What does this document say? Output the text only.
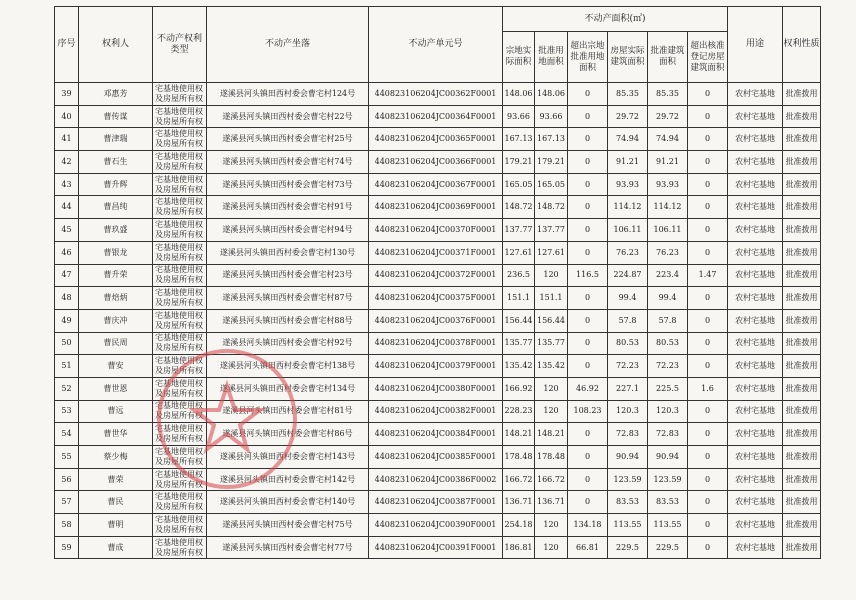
序号	权利人	不动产权利类型	不动产坐落	不动产单元号	不动产面积(㎡)						用途	权利性质
					宗地实际面积	批准用地面积	超出宗地批准用地面积	房屋实际建筑面积	批准建筑面积	超出核准登记房屋建筑面积		
39	邓惠芳	宅基地使用权及房屋所有权	遂溪县河头镇田西村委会曹宅村124号	440823106204JC00362F0001	148.06	148.06	0	85.35	85.35	0	农村宅基地	批准拨用
40	曹传谋	宅基地使用权及房屋所有权	遂溪县河头镇田西村委会曹宅村22号	440823106204JC00364F0001	93.66	93.66	0	29.72	29.72	0	农村宅基地	批准拨用
41	曹津瑞	宅基地使用权及房屋所有权	遂溪县河头镇田西村委会曹宅村25号	440823106204JC00365F0001	167.13	167.13	0	74.94	74.94	0	农村宅基地	批准拨用
42	曹石生	宅基地使用权及房屋所有权	遂溪县河头镇田西村委会曹宅村74号	440823106204JC00366F0001	179.21	179.21	0	91.21	91.21	0	农村宅基地	批准拨用
43	曹升辉	宅基地使用权及房屋所有权	遂溪县河头镇田西村委会曹宅村73号	440823106204JC00367F0001	165.05	165.05	0	93.93	93.93	0	农村宅基地	批准拨用
44	曹昌纯	宅基地使用权及房屋所有权	遂溪县河头镇田西村委会曹宅村91号	440823106204JC00369F0001	148.72	148.72	0	114.12	114.12	0	农村宅基地	批准拨用
45	曹玖盛	宅基地使用权及房屋所有权	遂溪县河头镇田西村委会曹宅村94号	440823106204JC00370F0001	137.77	137.77	0	106.11	106.11	0	农村宅基地	批准拨用
46	曹银龙	宅基地使用权及房屋所有权	遂溪县河头镇田西村委会曹宅村130号	440823106204JC00371F0001	127.61	127.61	0	76.23	76.23	0	农村宅基地	批准拨用
47	曹升荣	宅基地使用权及房屋所有权	遂溪县河头镇田西村委会曹宅村23号	440823106204JC00372F0001	236.5	120	116.5	224.87	223.4	1.47	农村宅基地	批准拨用
48	曹焙炳	宅基地使用权及房屋所有权	遂溪县河头镇田西村委会曹宅村87号	440823106204JC00375F0001	151.1	151.1	0	99.4	99.4	0	农村宅基地	批准拨用
49	曹庆冲	宅基地使用权及房屋所有权	遂溪县河头镇田西村委会曹宅村88号	440823106204JC00376F0001	156.44	156.44	0	57.8	57.8	0	农村宅基地	批准拨用
50	曹民周	宅基地使用权及房屋所有权	遂溪县河头镇田西村委会曹宅村92号	440823106204JC00378F0001	135.77	135.77	0	80.53	80.53	0	农村宅基地	批准拨用
51	曹安	宅基地使用权及房屋所有权	遂溪县河头镇田西村委会曹宅村138号	440823106204JC00379F0001	135.42	135.42	0	72.23	72.23	0	农村宅基地	批准拨用
52	曹世恩	宅基地使用权及房屋所有权	遂溪县河头镇田西村委会曹宅村134号	440823106204JC00380F0001	166.92	120	46.92	227.1	225.5	1.6	农村宅基地	批准拨用
53	曹远	宅基地使用权及房屋所有权	遂溪县河头镇田西村委会曹宅村81号	440823106204JC00382F0001	228.23	120	108.23	120.3	120.3	0	农村宅基地	批准拨用
54	曹世华	宅基地使用权及房屋所有权	遂溪县河头镇田西村委会曹宅村86号	440823106204JC00384F0001	148.21	148.21	0	72.83	72.83	0	农村宅基地	批准拨用
55	蔡少梅	宅基地使用权及房屋所有权	遂溪县河头镇田西村委会曹宅村143号	440823106204JC00385F0001	178.48	178.48	0	90.94	90.94	0	农村宅基地	批准拨用
56	曹荣	宅基地使用权及房屋所有权	遂溪县河头镇田西村委会曹宅村142号	440823106204JC00386F0002	166.72	166.72	0	123.59	123.59	0	农村宅基地	批准拨用
57	曹民	宅基地使用权及房屋所有权	遂溪县河头镇田西村委会曹宅村140号	440823106204JC00387F0001	136.71	136.71	0	83.53	83.53	0	农村宅基地	批准拨用
58	曹明	宅基地使用权及房屋所有权	遂溪县河头镇田西村委会曹宅村75号	440823106204JC00390F0001	254.18	120	134.18	113.55	113.55	0	农村宅基地	批准拨用
59	曹成	宅基地使用权及房屋所有权	遂溪县河头镇田西村委会曹宅村77号	440823106204JC00391F0001	186.81	120	66.81	229.5	229.5	0	农村宅基地	批准拨用
